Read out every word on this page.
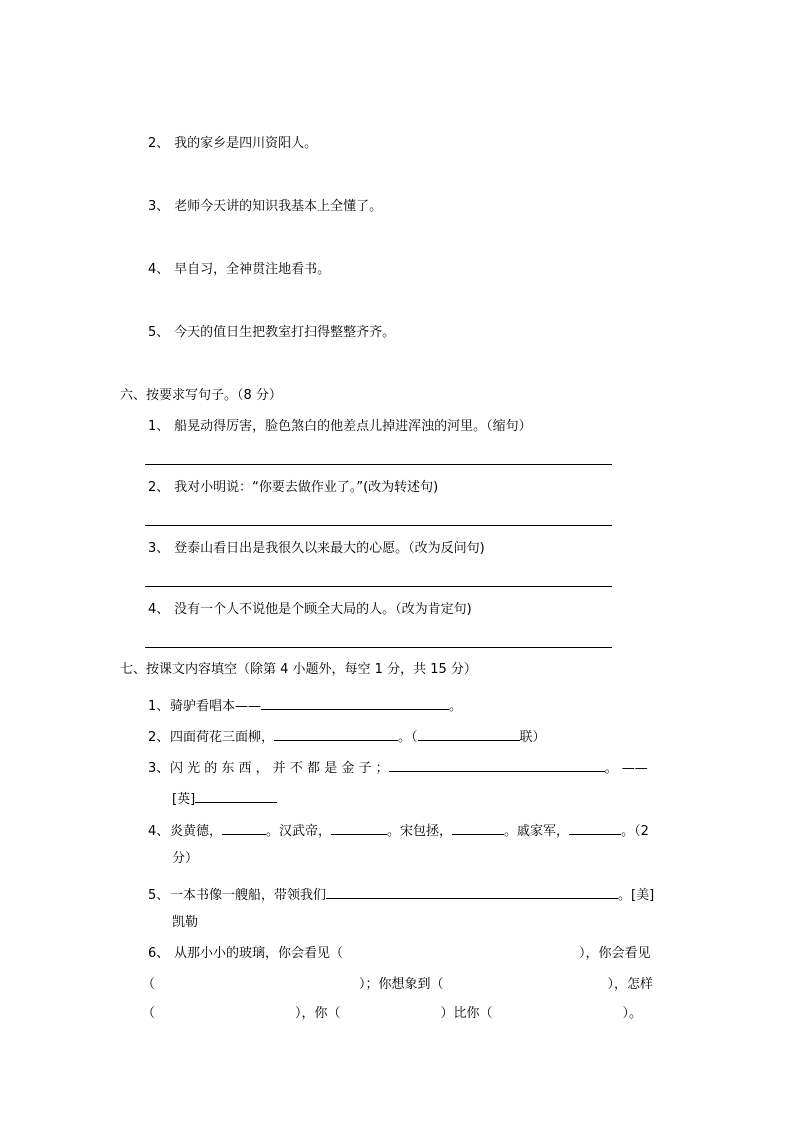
2、 我的家乡是四川资阳人。
3、 老师今天讲的知识我基本上全懂了。
4、 早自习，全神贯注地看书。
5、 今天的值日生把教室打扫得整整齐齐。
六、按要求写句子。（8 分）
1、 船晃动得厉害，脸色煞白的他差点儿掉进浑浊的河里。（缩句）
2、 我对小明说：“你要去做作业了。”(改为转述句)
3、 登泰山看日出是我很久以来最大的心愿。（改为反问句)
4、 没有一个人不说他是个顾全大局的人。（改为肯定句)
七、按课文内容填空（除第 4 小题外，每空 1 分，共 15 分）
1、骑驴看唱本——	。
2、四面荷花三面柳，	。（	联）
3、闪 光 的 东 西 ， 并 不 都 是 金 子 ；	。 ——
[英]
4、炎黄德，	。汉武帝，	。宋包拯，	。戚家军，	。（2
分）
5、一本书像一艘船，带领我们	。[美]
凯勒
6、 从那小小的玻璃，你会看见（	），你会看见
（	）；你想象到（	），怎样
（	），你（	）比你（	）。
